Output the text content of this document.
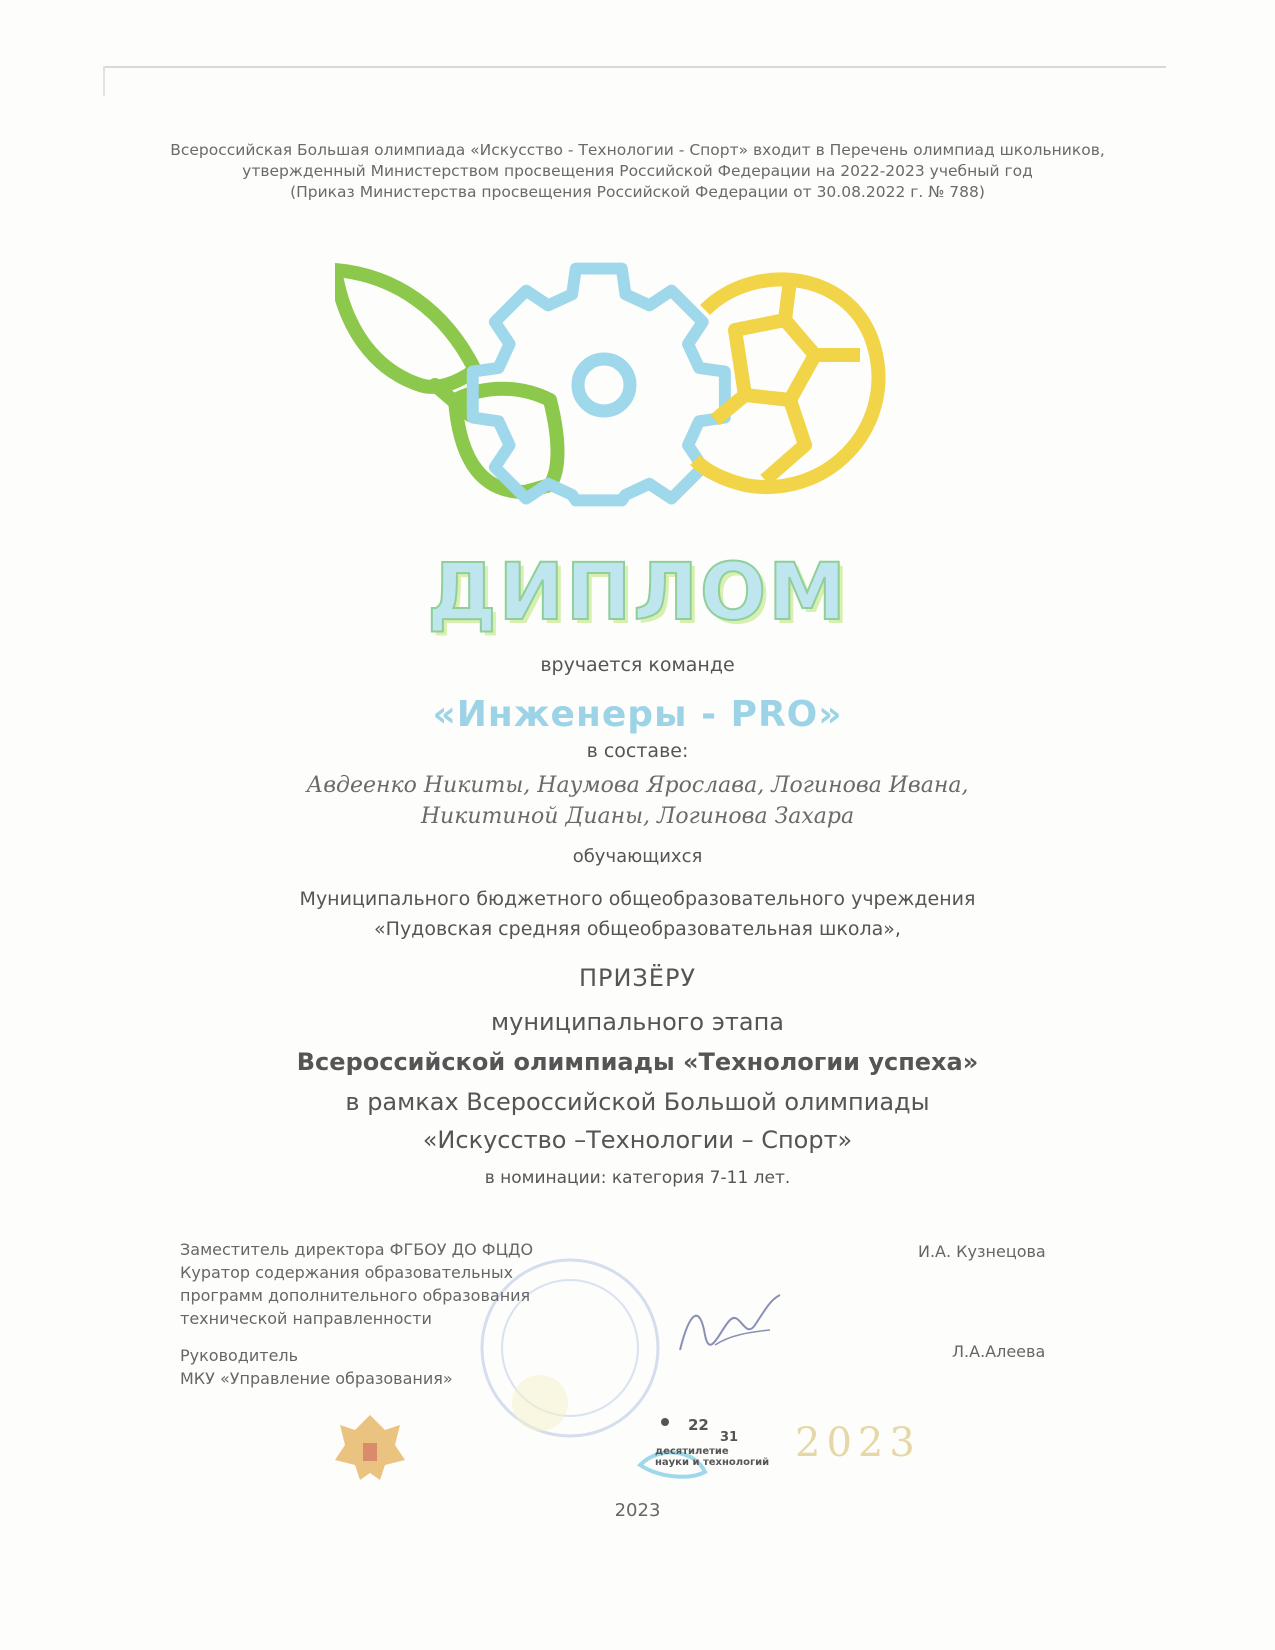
Всероссийская Большая олимпиада «Искусство - Технологии - Спорт» входит в Перечень олимпиад школьников,
утвержденный Министерством просвещения Российской Федерации на 2022-2023 учебный год
(Приказ Министерства просвещения Российской Федерации от 30.08.2022 г. № 788)
ДИПЛОМ
вручается команде
«Инженеры - PRO»
в составе:
Авдеенко Никиты, Наумова Ярослава, Логинова Ивана,
Никитиной Дианы, Логинова Захара
обучающихся
Муниципального бюджетного общеобразовательного учреждения
«Пудовская средняя общеобразовательная школа»,
ПРИЗЁРУ
муниципального этапа
Всероссийской олимпиады «Технологии успеха»
в рамках Всероссийской Большой олимпиады
«Искусство –Технологии – Спорт»
в номинации: категория 7-11 лет.
Заместитель директора ФГБОУ ДО ФЦДО
Куратор содержания образовательных
программ дополнительного образования
технической направленности
И.А. Кузнецова
Руководитель
МКУ «Управление образования»
Л.А.Алеева

22
31
десятилетие
науки и технологий 2023
2023
